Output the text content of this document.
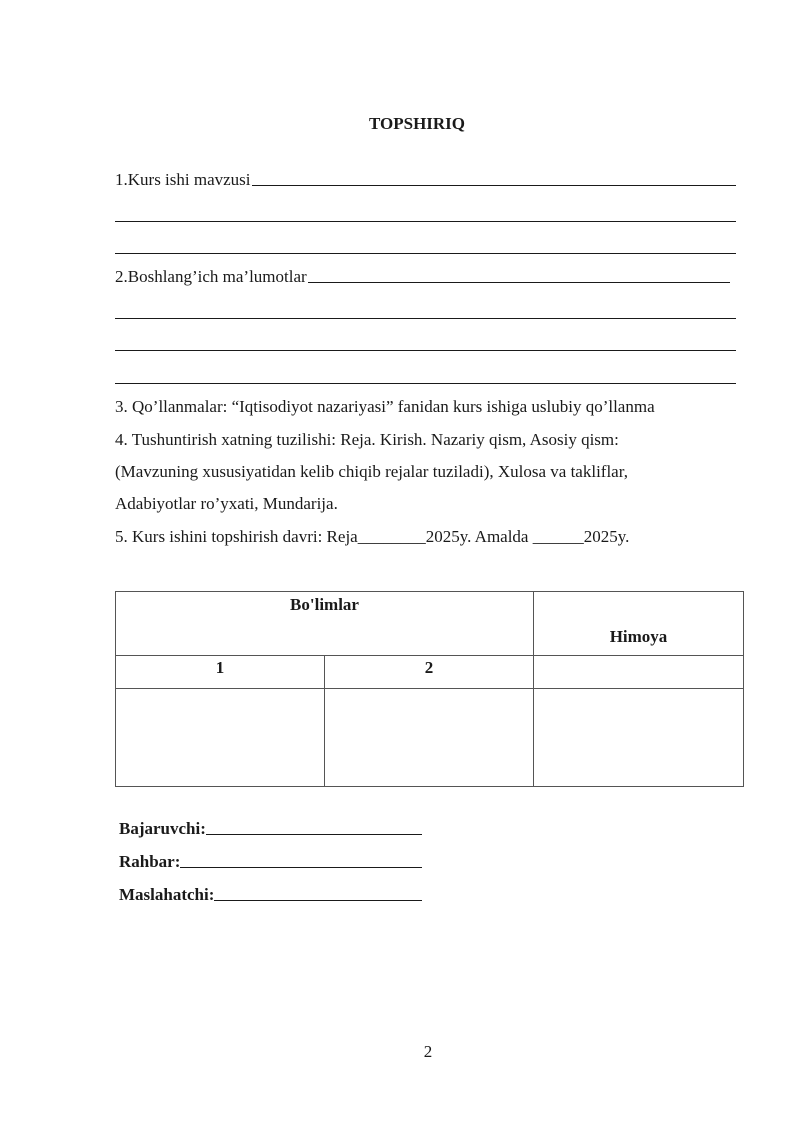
TOPSHIRIQ
1.Kurs ishi mavzusi
2.Boshlang’ich ma’lumotlar
3. Qo’llanmalar: “Iqtisodiyot nazariyasi” fanidan kurs ishiga uslubiy qo’llanma
4. Tushuntirish xatning tuzilishi: Reja. Kirish. Nazariy qism, Asosiy qism:
(Mavzuning xususiyatidan kelib chiqib rejalar tuziladi), Xulosa va takliflar,
Adabiyotlar ro’yxati, Mundarija.
5. Kurs ishini topshirish davri: Reja________2025y. Amalda ______2025y.
Bo'limlar		Himoya
1	2	

Bajaruvchi:
Rahbar:
Maslahatchi:
2
